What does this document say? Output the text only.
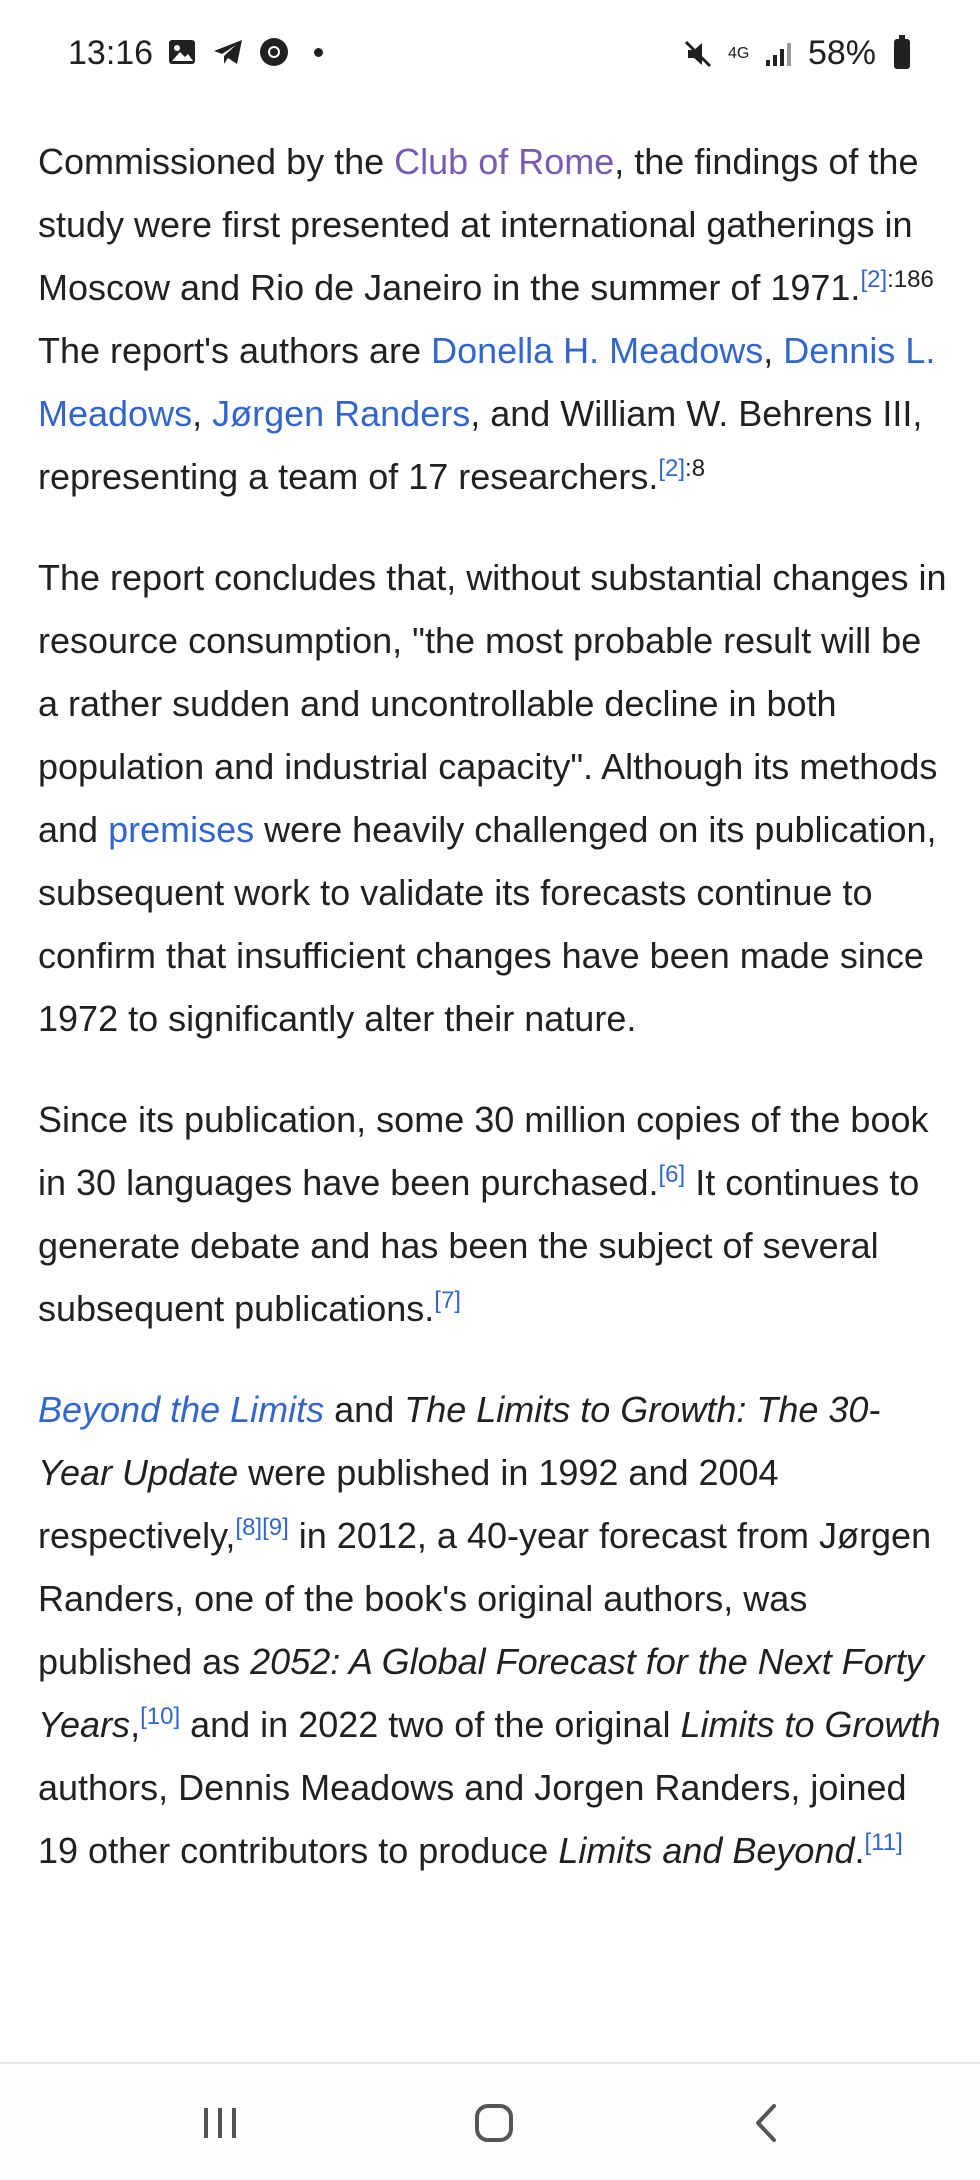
13:16	4G 58%

Commissioned by the Club of Rome, the findings of the study were first presented at international gatherings in Moscow and Rio de Janeiro in the summer of 1971.$^{[2]:186}$ The report's authors are Donella H. Meadows, Dennis L. Meadows, Jørgen Randers, and William W. Behrens III, representing a team of 17 researchers.$^{[2]:8}$

The report concludes that, without substantial changes in resource consumption, "the most probable result will be a rather sudden and uncontrollable decline in both population and industrial capacity". Although its methods and premises were heavily challenged on its publication, subsequent work to validate its forecasts continue to confirm that insufficient changes have been made since 1972 to significantly alter their nature.

Since its publication, some 30 million copies of the book in 30 languages have been purchased.[6] It continues to generate debate and has been the subject of several subsequent publications.[7]

Beyond the Limits and The Limits to Growth: The 30-Year Update were published in 1992 and 2004 respectively,[8][9] in 2012, a 40-year forecast from Jørgen Randers, one of the book's original authors, was published as 2052: A Global Forecast for the Next Forty Years,[10] and in 2022 two of the original Limits to Growth authors, Dennis Meadows and Jorgen Randers, joined 19 other contributors to produce Limits and Beyond.[11]
